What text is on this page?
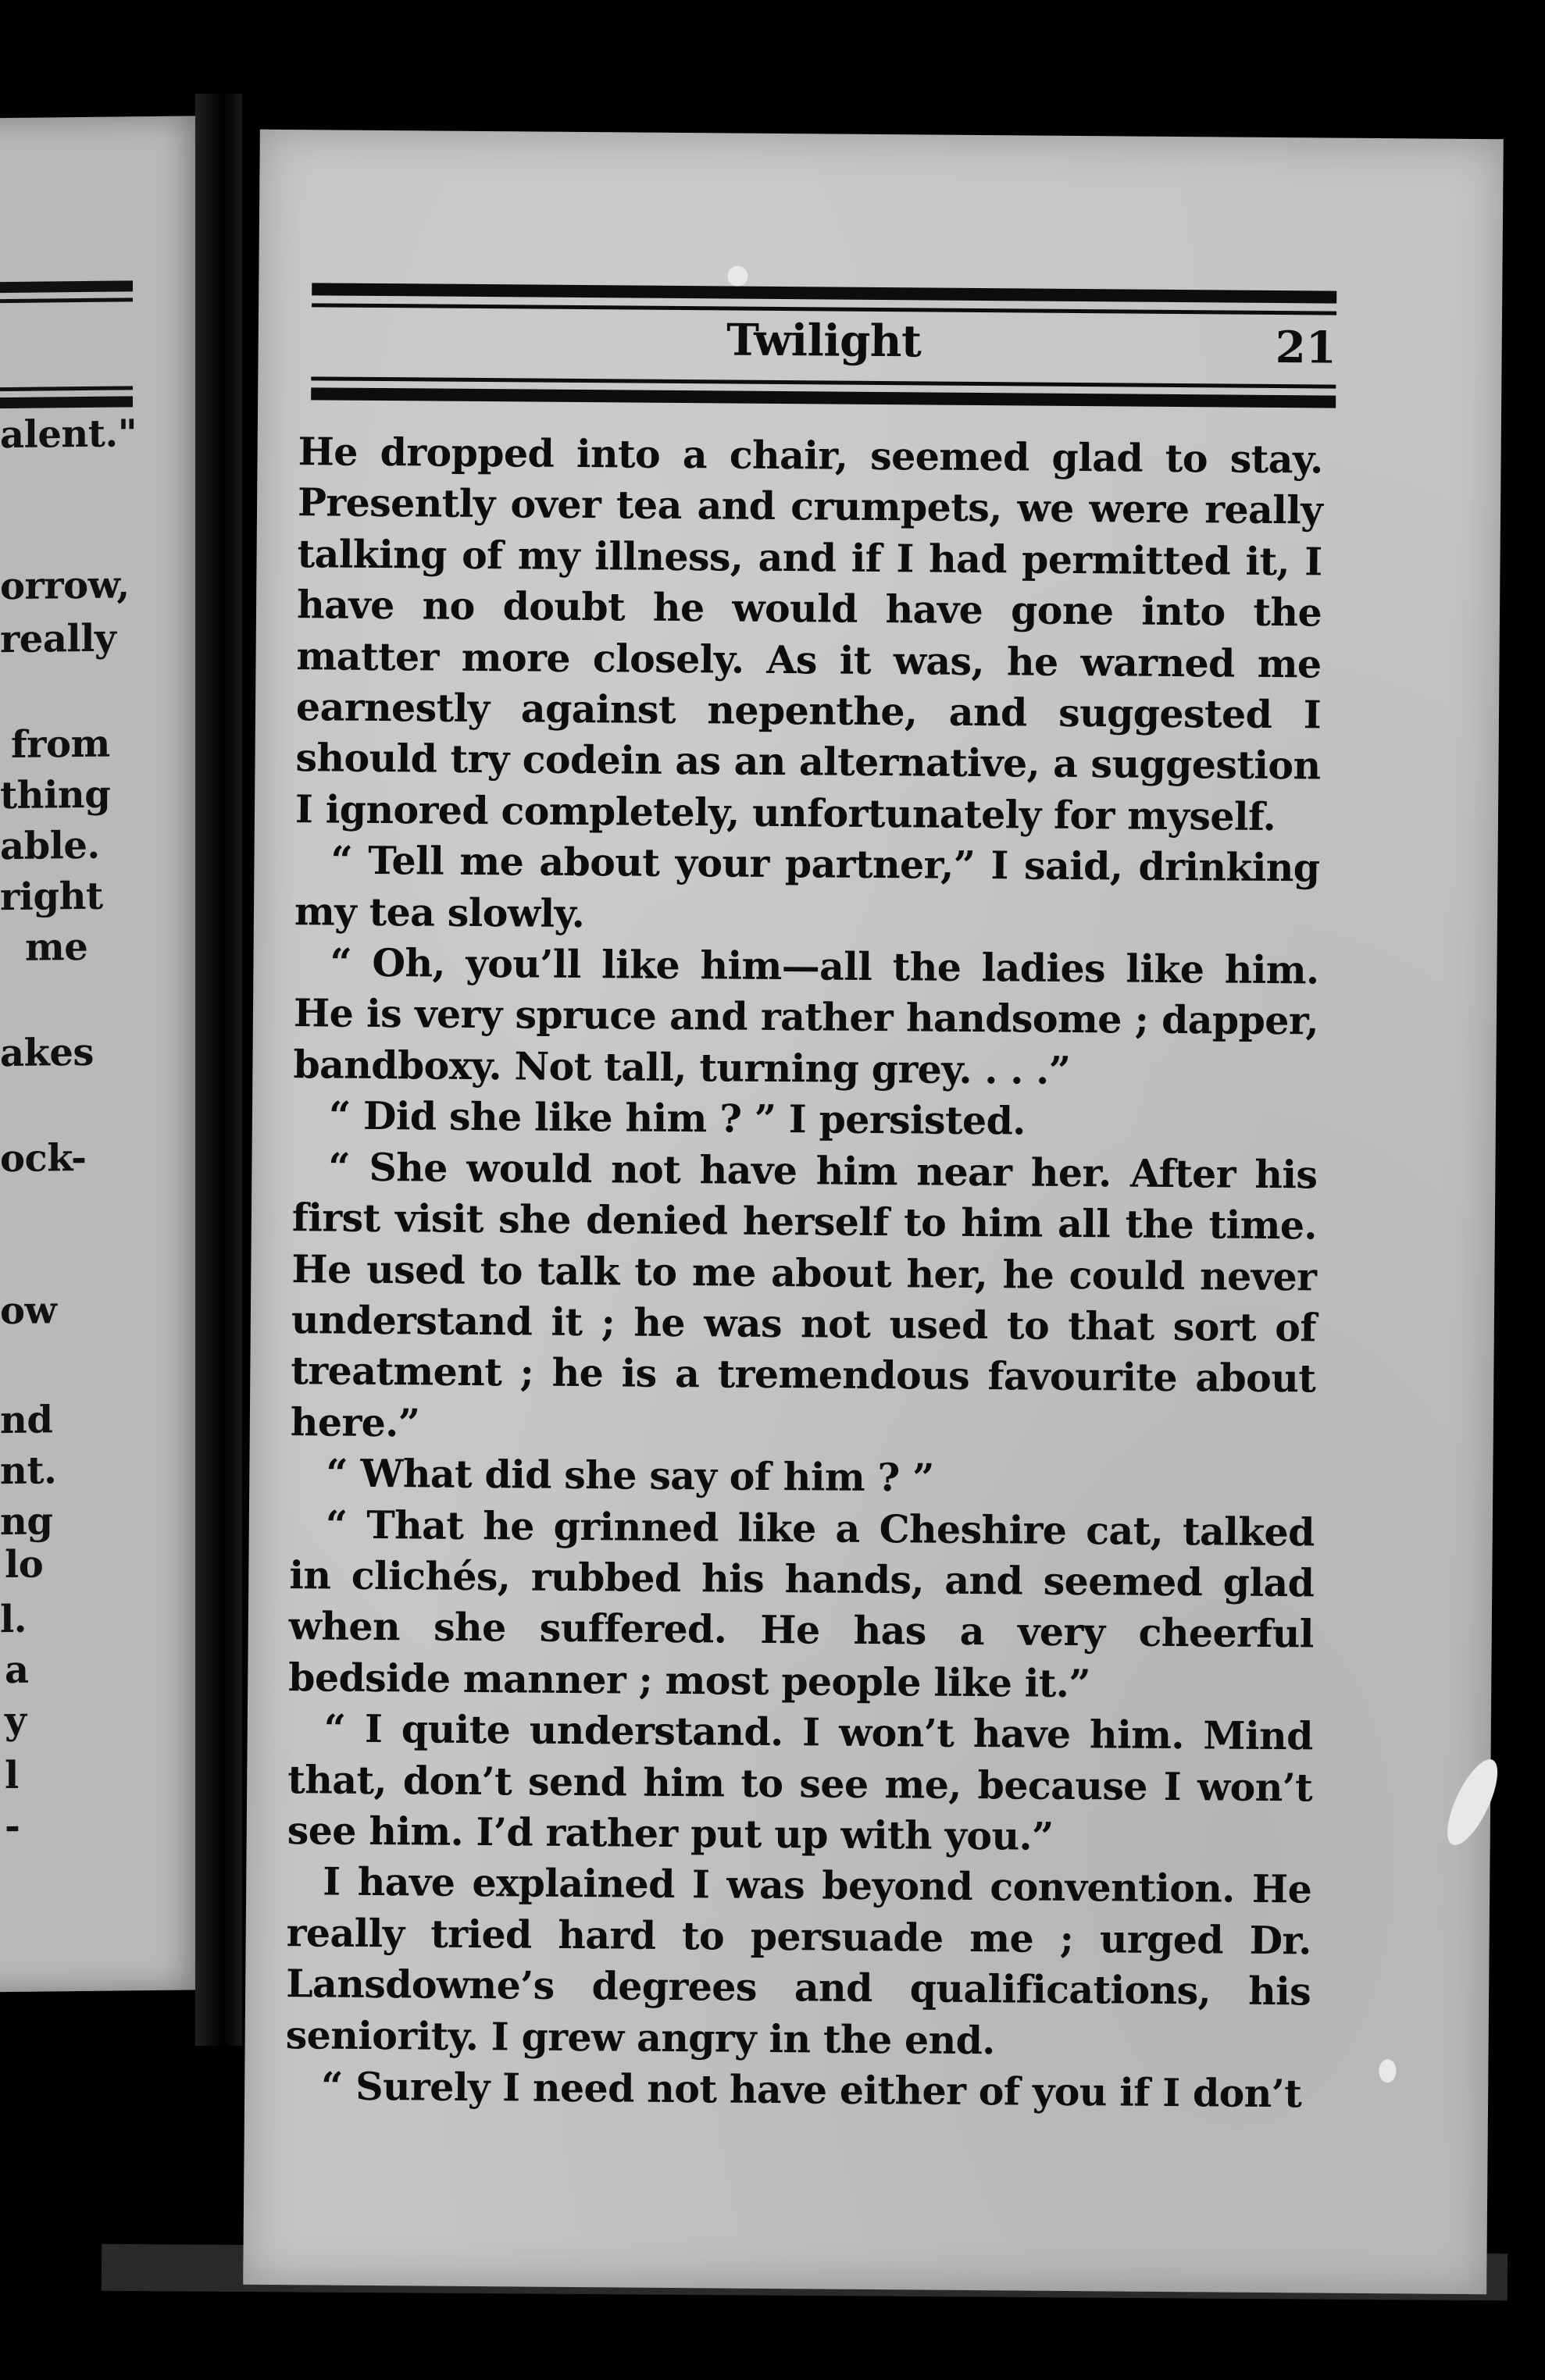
alent."
orrow,
really
from
thing
able.
right
me
akes
ock-
ow
nd
nt.
ng
lo
l.
a
y
l
-
Twilight	21

He dropped into a chair, seemed glad to stay. Presently over tea and crumpets, we were really talking of my illness, and if I had permitted it, I have no doubt he would have gone into the matter more closely. As it was, he warned me earnestly against nepenthe, and suggested I should try codein as an alternative, a suggestion I ignored completely, unfortunately for myself.

“ Tell me about your partner,” I said, drinking my tea slowly.

“ Oh, you’ll like him—all the ladies like him. He is very spruce and rather handsome ; dapper, bandboxy. Not tall, turning grey. . . .”

“ Did she like him ? ” I persisted.

“ She would not have him near her. After his first visit she denied herself to him all the time. He used to talk to me about her, he could never understand it ; he was not used to that sort of treatment ; he is a tremendous favourite about here.”

“ What did she say of him ? ”

“ That he grinned like a Cheshire cat, talked in clichés, rubbed his hands, and seemed glad when she suffered. He has a very cheerful bedside manner ; most people like it.”

“ I quite understand. I won’t have him. Mind that, don’t send him to see me, because I won’t see him. I’d rather put up with you.”

I have explained I was beyond convention. He really tried hard to persuade me ; urged Dr. Lansdowne’s degrees and qualifications, his seniority. I grew angry in the end.

“ Surely I need not have either of you if I don’t
